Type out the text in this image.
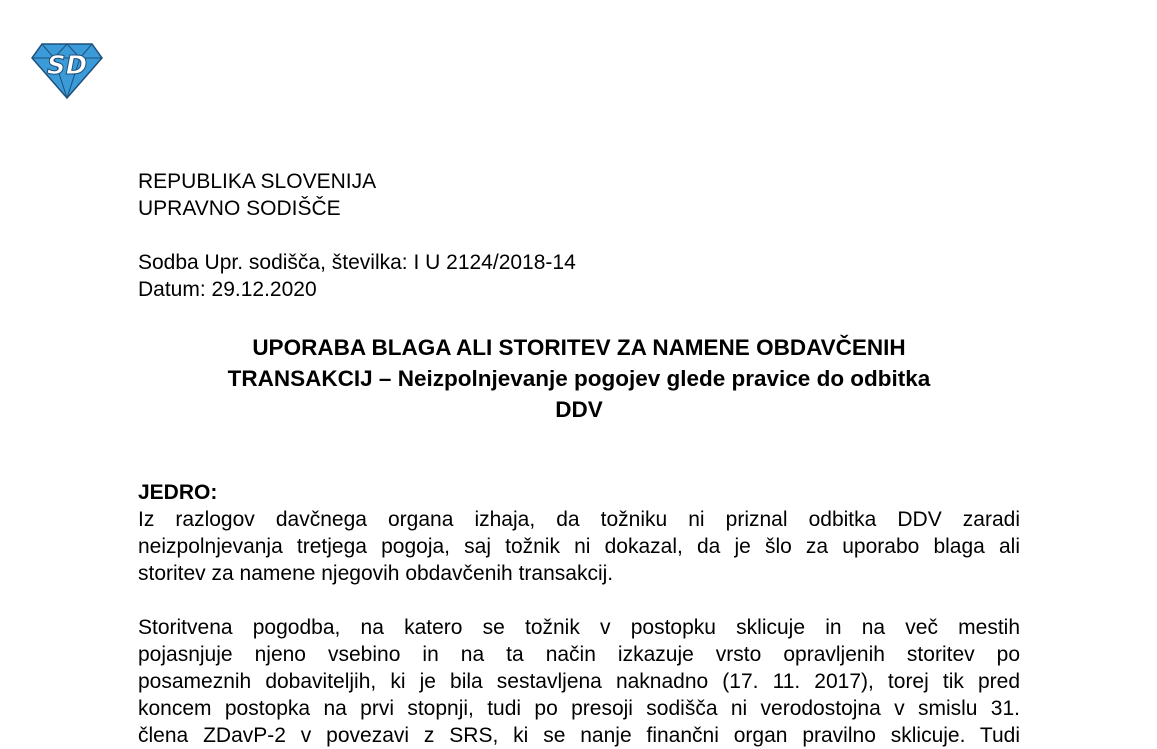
SD
REPUBLIKA SLOVENIJA
UPRAVNO SODIŠČE
Sodba Upr. sodišča, številka: I U 2124/2018-14
Datum: 29.12.2020
UPORABA BLAGA ALI STORITEV ZA NAMENE OBDAVČENIH
TRANSAKCIJ – Neizpolnjevanje pogojev glede pravice do odbitka
DDV
JEDRO:
Iz razlogov davčnega organa izhaja, da tožniku ni priznal odbitka DDV zaradi
neizpolnjevanja tretjega pogoja, saj tožnik ni dokazal, da je šlo za uporabo blaga ali
storitev za namene njegovih obdavčenih transakcij.
Storitvena pogodba, na katero se tožnik v postopku sklicuje in na več mestih
pojasnjuje njeno vsebino in na ta način izkazuje vrsto opravljenih storitev po
posameznih dobaviteljih, ki je bila sestavljena naknadno (17. 11. 2017), torej tik pred
koncem postopka na prvi stopnji, tudi po presoji sodišča ni verodostojna v smislu 31.
člena ZDavP-2 v povezavi z SRS, ki se nanje finančni organ pravilno sklicuje. Tudi
